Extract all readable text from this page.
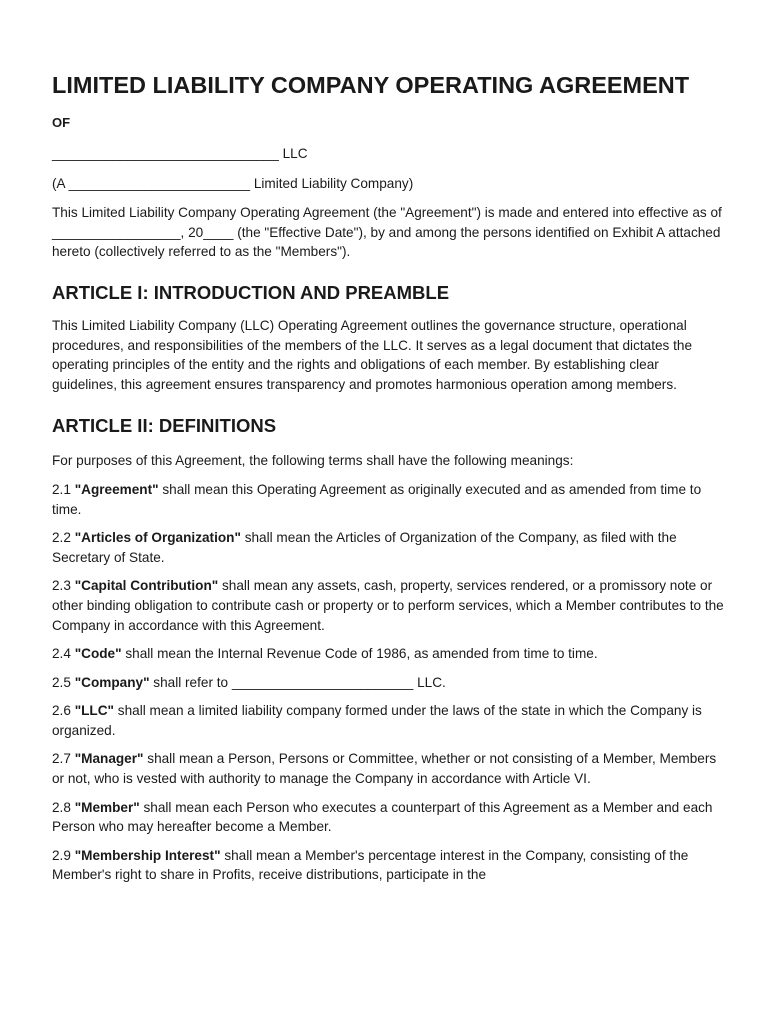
LIMITED LIABILITY COMPANY OPERATING AGREEMENT
OF

______________________________ LLC

(A ________________________ Limited Liability Company)

This Limited Liability Company Operating Agreement (the "Agreement") is made and entered into effective as of _________________, 20____ (the "Effective Date"), by and among the persons identified on Exhibit A attached hereto (collectively referred to as the "Members").

ARTICLE I: INTRODUCTION AND PREAMBLE

This Limited Liability Company (LLC) Operating Agreement outlines the governance structure, operational procedures, and responsibilities of the members of the LLC. It serves as a legal document that dictates the operating principles of the entity and the rights and obligations of each member. By establishing clear guidelines, this agreement ensures transparency and promotes harmonious operation among members.

ARTICLE II: DEFINITIONS

For purposes of this Agreement, the following terms shall have the following meanings:

2.1 "Agreement" shall mean this Operating Agreement as originally executed and as amended from time to time.

2.2 "Articles of Organization" shall mean the Articles of Organization of the Company, as filed with the Secretary of State.

2.3 "Capital Contribution" shall mean any assets, cash, property, services rendered, or a promissory note or other binding obligation to contribute cash or property or to perform services, which a Member contributes to the Company in accordance with this Agreement.

2.4 "Code" shall mean the Internal Revenue Code of 1986, as amended from time to time.

2.5 "Company" shall refer to ________________________ LLC.

2.6 "LLC" shall mean a limited liability company formed under the laws of the state in which the Company is organized.

2.7 "Manager" shall mean a Person, Persons or Committee, whether or not consisting of a Member, Members or not, who is vested with authority to manage the Company in accordance with Article VI.

2.8 "Member" shall mean each Person who executes a counterpart of this Agreement as a Member and each Person who may hereafter become a Member.

2.9 "Membership Interest" shall mean a Member's percentage interest in the Company, consisting of the Member's right to share in Profits, receive distributions, participate in the
